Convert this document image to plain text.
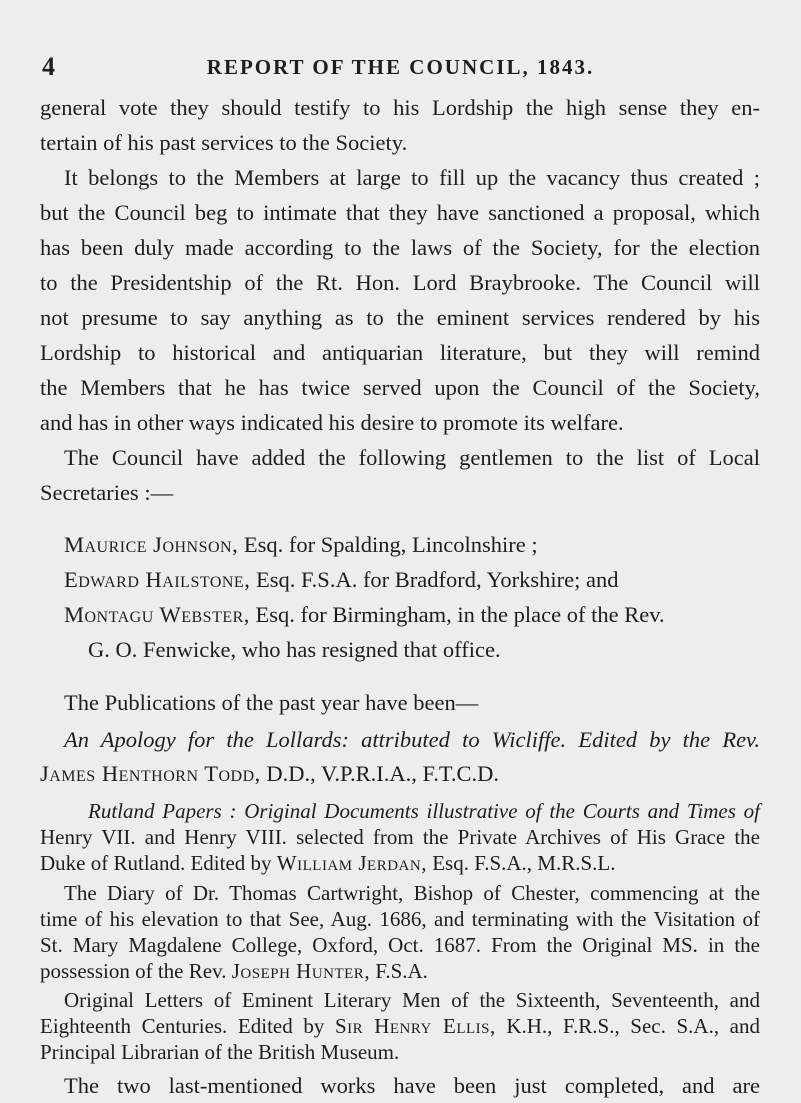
4	REPORT OF THE COUNCIL, 1843.

general vote they should testify to his Lordship the high sense they en-

tertain of his past services to the Society.

It belongs to the Members at large to fill up the vacancy thus created ;

but the Council beg to intimate that they have sanctioned a proposal, which

has been duly made according to the laws of the Society, for the election

to the Presidentship of the Rt. Hon. Lord Braybrooke. The Council will

not presume to say anything as to the eminent services rendered by his

Lordship to historical and antiquarian literature, but they will remind

the Members that he has twice served upon the Council of the Society,

and has in other ways indicated his desire to promote its welfare.

The Council have added the following gentlemen to the list of Local

Secretaries :—

Maurice Johnson, Esq. for Spalding, Lincolnshire ;

Edward Hailstone, Esq. F.S.A. for Bradford, Yorkshire; and

Montagu Webster, Esq. for Birmingham, in the place of the Rev.

G. O. Fenwicke, who has resigned that office.

The Publications of the past year have been—

An Apology for the Lollards: attributed to Wicliffe. Edited by the Rev.

James Henthorn Todd, D.D., V.P.R.I.A., F.T.C.D.

Rutland Papers : Original Documents illustrative of the Courts and Times of

Henry VII. and Henry VIII. selected from the Private Archives of His Grace the

Duke of Rutland. Edited by William Jerdan, Esq. F.S.A., M.R.S.L.

The Diary of Dr. Thomas Cartwright, Bishop of Chester, commencing at the

time of his elevation to that See, Aug. 1686, and terminating with the Visitation of

St. Mary Magdalene College, Oxford, Oct. 1687. From the Original MS. in the

possession of the Rev. Joseph Hunter, F.S.A.

Original Letters of Eminent Literary Men of the Sixteenth, Seventeenth, and

Eighteenth Centuries. Edited by Sir Henry Ellis, K.H., F.R.S., Sec. S.A., and

Principal Librarian of the British Museum.

The two last-mentioned works have been just completed, and are
